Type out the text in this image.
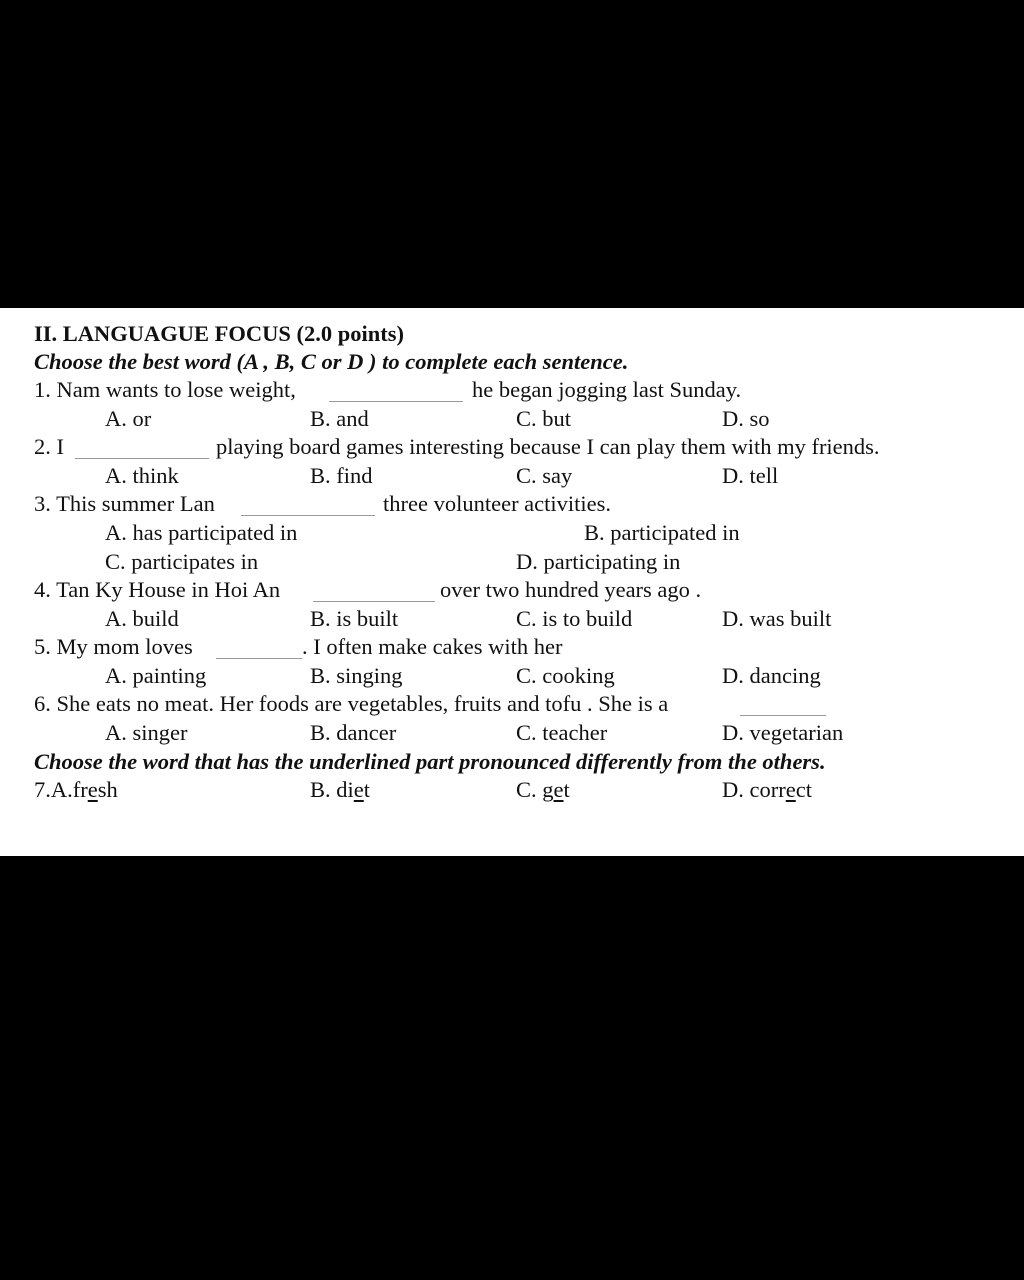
II. LANGUAGUE FOCUS (2.0 points)
Choose the best word (A , B, C or D ) to complete each sentence.
1. Nam wants to lose weight,	he began jogging last Sunday.
A. or	B. and	C. but	D. so
2. I	playing board games interesting because I can play them with my friends.
A. think	B. find	C. say	D. tell
3. This summer Lan	three volunteer activities.
A. has participated in	B. participated in
C. participates in	D. participating in
4. Tan Ky House in Hoi An	over two hundred years ago .
A. build	B. is built	C. is to build	D. was built
5. My mom loves	. I often make cakes with her
A. painting	B. singing	C. cooking	D. dancing
6. She eats no meat. Her foods are vegetables, fruits and tofu . She is a
A. singer	B. dancer	C. teacher	D. vegetarian
Choose the word that has the underlined part pronounced differently from the others.
7.A.fresh	B. diet	C. get	D. correct
